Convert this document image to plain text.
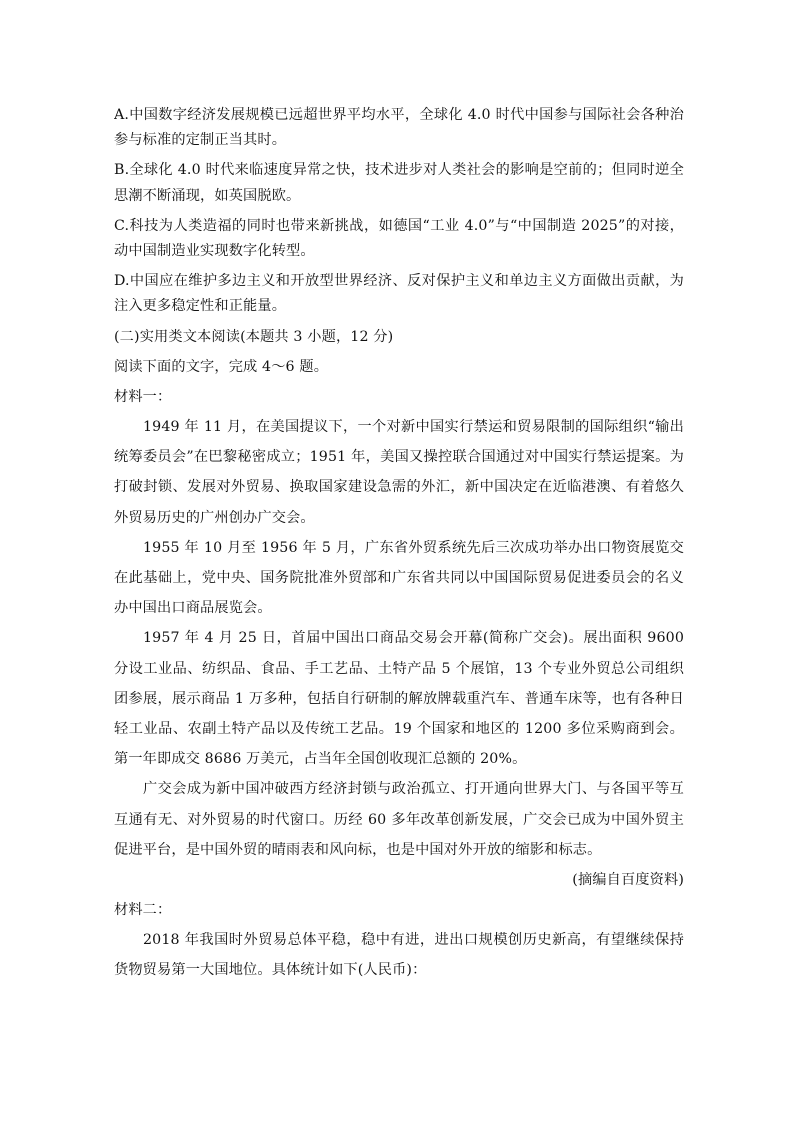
A.中国数字经济发展规模已远超世界平均水平，全球化 4.0 时代中国参与国际社会各种治
参与标准的定制正当其时。
B.全球化 4.0 时代来临速度异常之快，技术进步对人类社会的影响是空前的；但同时逆全
思潮不断涌现，如英国脱欧。
C.科技为人类造福的同时也带来新挑战，如德国“工业 4.0”与“中国制造 2025”的对接，
动中国制造业实现数字化转型。
D.中国应在维护多边主义和开放型世界经济、反对保护主义和单边主义方面做出贡献，为
注入更多稳定性和正能量。
(二)实用类文本阅读(本题共 3 小题，12 分)
阅读下面的文字，完成 4～6 题。
材料一：
1949 年 11 月，在美国提议下，一个对新中国实行禁运和贸易限制的国际组织“输出
统筹委员会”在巴黎秘密成立；1951 年，美国又操控联合国通过对中国实行禁运提案。为
打破封锁、发展对外贸易、换取国家建设急需的外汇，新中国决定在近临港澳、有着悠久
外贸易历史的广州创办广交会。
1955 年 10 月至 1956 年 5 月，广东省外贸系统先后三次成功举办出口物资展览交
在此基础上，党中央、国务院批准外贸部和广东省共同以中国国际贸易促进委员会的名义
办中国出口商品展览会。
1957 年 4 月 25 日，首届中国出口商品交易会开幕(简称广交会)。展出面积 9600
分设工业品、纺织品、食品、手工艺品、土特产品 5 个展馆，13 个专业外贸总公司组织
团参展，展示商品 1 万多种，包括自行研制的解放牌载重汽车、普通车床等，也有各种日
轻工业品、农副土特产品以及传统工艺品。19 个国家和地区的 1200 多位采购商到会。
第一年即成交 8686 万美元，占当年全国创收现汇总额的 20%。
广交会成为新中国冲破西方经济封锁与政治孤立、打开通向世界大门、与各国平等互
互通有无、对外贸易的时代窗口。历经 60 多年改革创新发展，广交会已成为中国外贸主
促进平台，是中国外贸的晴雨表和风向标，也是中国对外开放的缩影和标志。
(摘编自百度资料)
材料二：
2018 年我国时外贸易总体平稳，稳中有进，进出口规模创历史新高，有望继续保持
货物贸易第一大国地位。具体统计如下(人民币)：
